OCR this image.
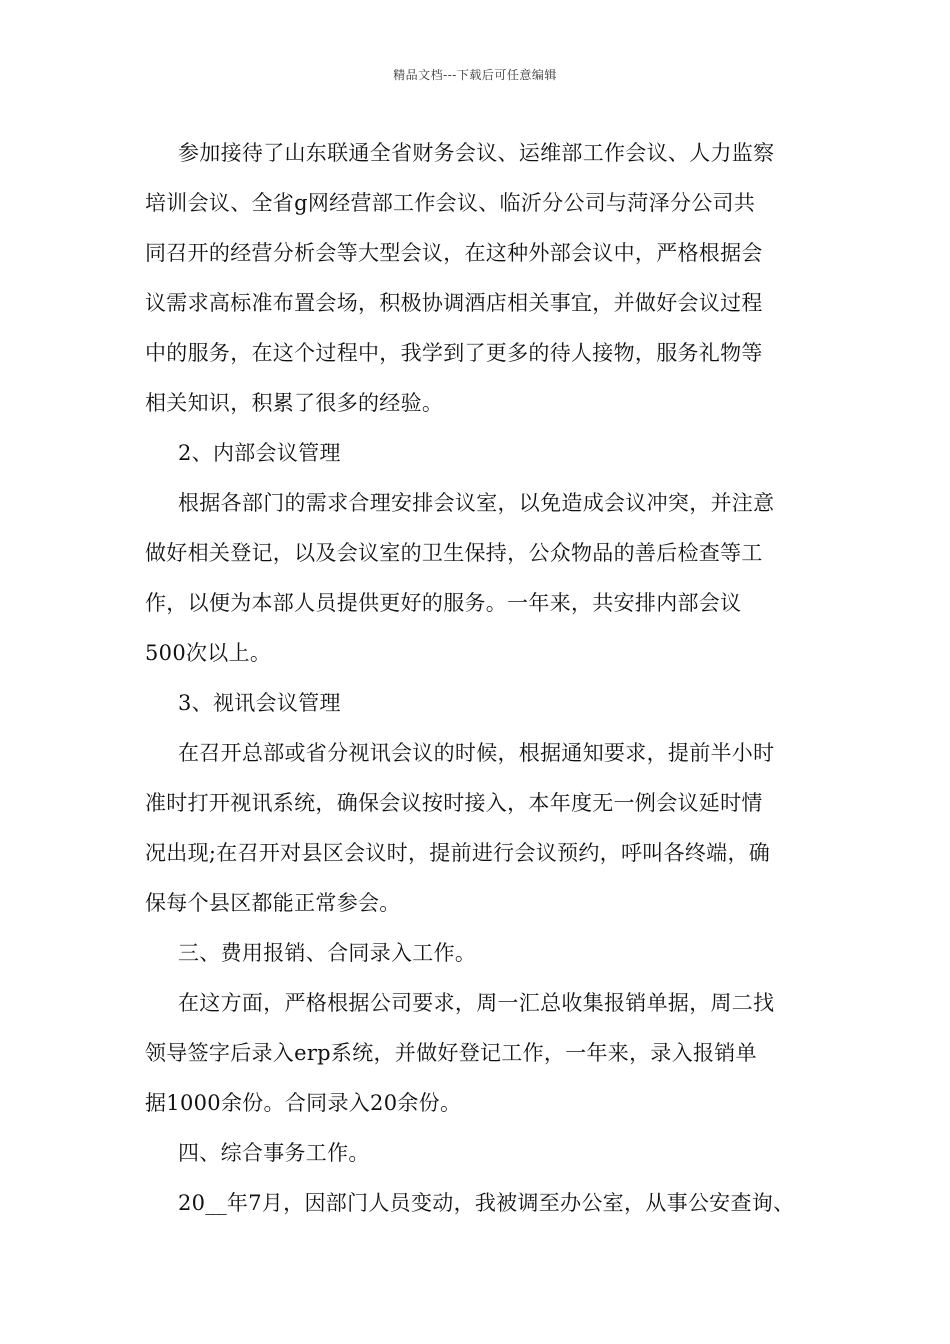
精品文档---下载后可任意编辑
参加接待了山东联通全省财务会议、运维部工作会议、人力监察
培训会议、全省g网经营部工作会议、临沂分公司与菏泽分公司共
同召开的经营分析会等大型会议，在这种外部会议中，严格根据会
议需求高标准布置会场，积极协调酒店相关事宜，并做好会议过程
中的服务，在这个过程中，我学到了更多的待人接物，服务礼物等
相关知识，积累了很多的经验。
2、内部会议管理
根据各部门的需求合理安排会议室，以免造成会议冲突，并注意
做好相关登记，以及会议室的卫生保持，公众物品的善后检查等工
作，以便为本部人员提供更好的服务。一年来，共安排内部会议
500次以上。
3、视讯会议管理
在召开总部或省分视讯会议的时候，根据通知要求，提前半小时
准时打开视讯系统，确保会议按时接入，本年度无一例会议延时情
况出现;在召开对县区会议时，提前进行会议预约，呼叫各终端，确
保每个县区都能正常参会。
三、费用报销、合同录入工作。
在这方面，严格根据公司要求，周一汇总收集报销单据，周二找
领导签字后录入erp系统，并做好登记工作，一年来，录入报销单
据1000余份。合同录入20余份。
四、综合事务工作。
20__年7月，因部门人员变动，我被调至办公室，从事公安查询、
